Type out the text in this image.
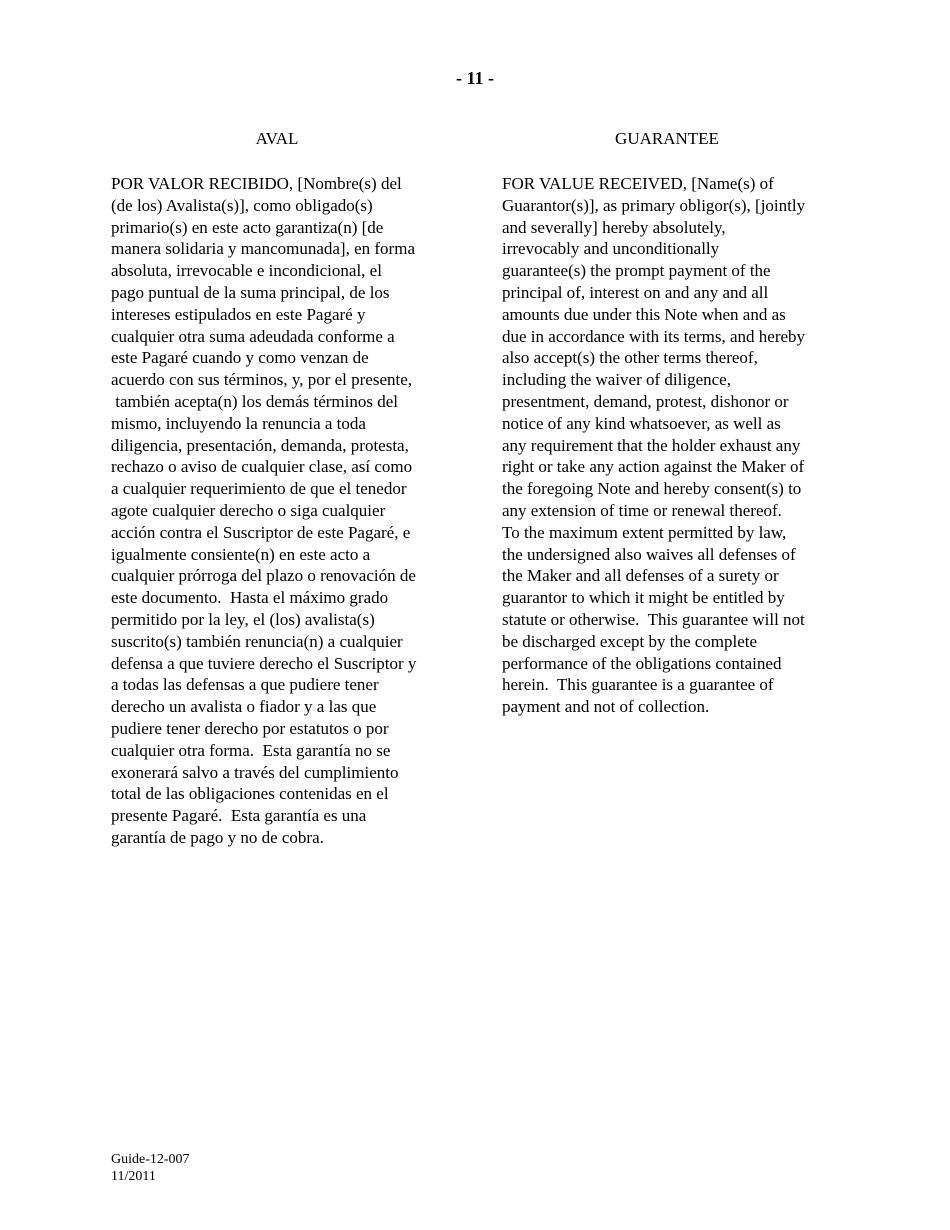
- 11 -
AVAL
POR VALOR RECIBIDO, [Nombre(s) del
(de los) Avalista(s)], como obligado(s)
primario(s) en este acto garantiza(n) [de
manera solidaria y mancomunada], en forma
absoluta, irrevocable e incondicional, el
pago puntual de la suma principal, de los
intereses estipulados en este Pagaré y
cualquier otra suma adeudada conforme a
este Pagaré cuando y como venzan de
acuerdo con sus términos, y, por el presente,
también acepta(n) los demás términos del
mismo, incluyendo la renuncia a toda
diligencia, presentación, demanda, protesta,
rechazo o aviso de cualquier clase, así como
a cualquier requerimiento de que el tenedor
agote cualquier derecho o siga cualquier
acción contra el Suscriptor de este Pagaré, e
igualmente consiente(n) en este acto a
cualquier prórroga del plazo o renovación de
este documento.  Hasta el máximo grado
permitido por la ley, el (los) avalista(s)
suscrito(s) también renuncia(n) a cualquier
defensa a que tuviere derecho el Suscriptor y
a todas las defensas a que pudiere tener
derecho un avalista o fiador y a las que
pudiere tener derecho por estatutos o por
cualquier otra forma.  Esta garantía no se
exonerará salvo a través del cumplimiento
total de las obligaciones contenidas en el
presente Pagaré.  Esta garantía es una
garantía de pago y no de cobra.
GUARANTEE
FOR VALUE RECEIVED, [Name(s) of
Guarantor(s)], as primary obligor(s), [jointly
and severally] hereby absolutely,
irrevocably and unconditionally
guarantee(s) the prompt payment of the
principal of, interest on and any and all
amounts due under this Note when and as
due in accordance with its terms, and hereby
also accept(s) the other terms thereof,
including the waiver of diligence,
presentment, demand, protest, dishonor or
notice of any kind whatsoever, as well as
any requirement that the holder exhaust any
right or take any action against the Maker of
the foregoing Note and hereby consent(s) to
any extension of time or renewal thereof.
To the maximum extent permitted by law,
the undersigned also waives all defenses of
the Maker and all defenses of a surety or
guarantor to which it might be entitled by
statute or otherwise.  This guarantee will not
be discharged except by the complete
performance of the obligations contained
herein.  This guarantee is a guarantee of
payment and not of collection.
Guide-12-007
11/2011
